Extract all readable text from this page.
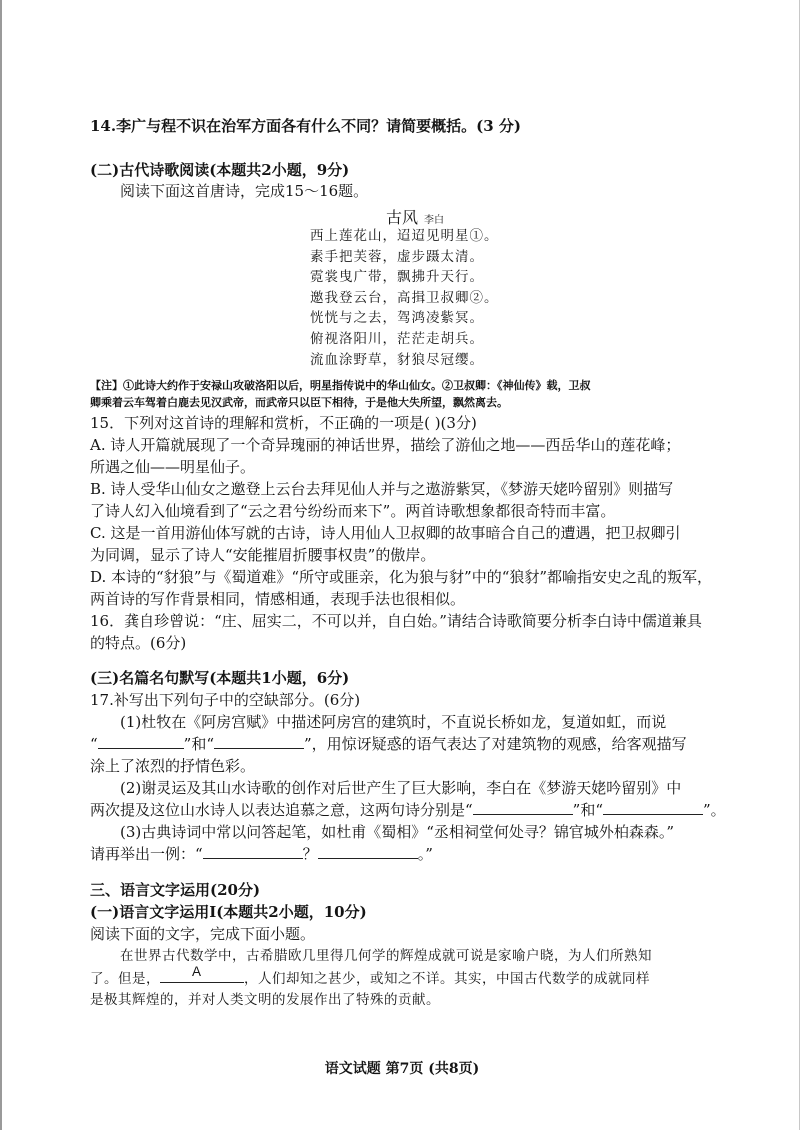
14.李广与程不识在治军方面各有什么不同？请简要概括。(3 分)
(二)古代诗歌阅读(本题共2小题，9分)
阅读下面这首唐诗，完成15～16题。
古风 李白
西上莲花山，迢迢见明星①。
素手把芙蓉，虚步蹑太清。
霓裳曳广带，飘拂升天行。
邀我登云台，高揖卫叔卿②。
恍恍与之去，驾鸿凌紫冥。
俯视洛阳川，茫茫走胡兵。
流血涂野草，豺狼尽冠缨。
【注】①此诗大约作于安禄山攻破洛阳以后，明星指传说中的华山仙女。②卫叔卿：《神仙传》载，卫叔
卿乘着云车驾着白鹿去见汉武帝，而武帝只以臣下相待，于是他大失所望，飘然离去。
15．下列对这首诗的理解和赏析，不正确的一项是( )(3分)
A. 诗人开篇就展现了一个奇异瑰丽的神话世界，描绘了游仙之地——西岳华山的莲花峰；
所遇之仙——明星仙子。
B. 诗人受华山仙女之邀登上云台去拜见仙人并与之遨游紫冥，《梦游天姥吟留别》则描写
了诗人幻入仙境看到了“云之君兮纷纷而来下”。两首诗歌想象都很奇特而丰富。
C. 这是一首用游仙体写就的古诗，诗人用仙人卫叔卿的故事暗合自己的遭遇，把卫叔卿引
为同调，显示了诗人“安能摧眉折腰事权贵”的傲岸。
D. 本诗的“豺狼”与《蜀道难》“所守或匪亲，化为狼与豺”中的“狼豺”都喻指安史之乱的叛军，
两首诗的写作背景相同，情感相通，表现手法也很相似。
16．龚自珍曾说：“庄、屈实二，不可以并，自白始。”请结合诗歌简要分析李白诗中儒道兼具
的特点。(6分)
(三)名篇名句默写(本题共1小题，6分)
17.补写出下列句子中的空缺部分。(6分)
(1)杜牧在《阿房宫赋》中描述阿房宫的建筑时，不直说长桥如龙，复道如虹，而说
“	”和“	”，用惊讶疑惑的语气表达了对建筑物的观感，给客观描写
涂上了浓烈的抒情色彩。
(2)谢灵运及其山水诗歌的创作对后世产生了巨大影响，李白在《梦游天姥吟留别》中
两次提及这位山水诗人以表达追慕之意，这两句诗分别是“	”和“	”。
(3)古典诗词中常以问答起笔，如杜甫《蜀相》“丞相祠堂何处寻？锦官城外柏森森。”
请再举出一例：“	？	。”
三、语言文字运用(20分)
(一)语言文字运用Ⅰ(本题共2小题，10分)
阅读下面的文字，完成下面小题。
在世界古代数学中，古希腊欧几里得几何学的辉煌成就可说是家喻户晓，为人们所熟知
了。但是， A	，人们却知之甚少，或知之不详。其实，中国古代数学的成就同样
是极其辉煌的，并对人类文明的发展作出了特殊的贡献。
语文试题 第7页 (共8页)
